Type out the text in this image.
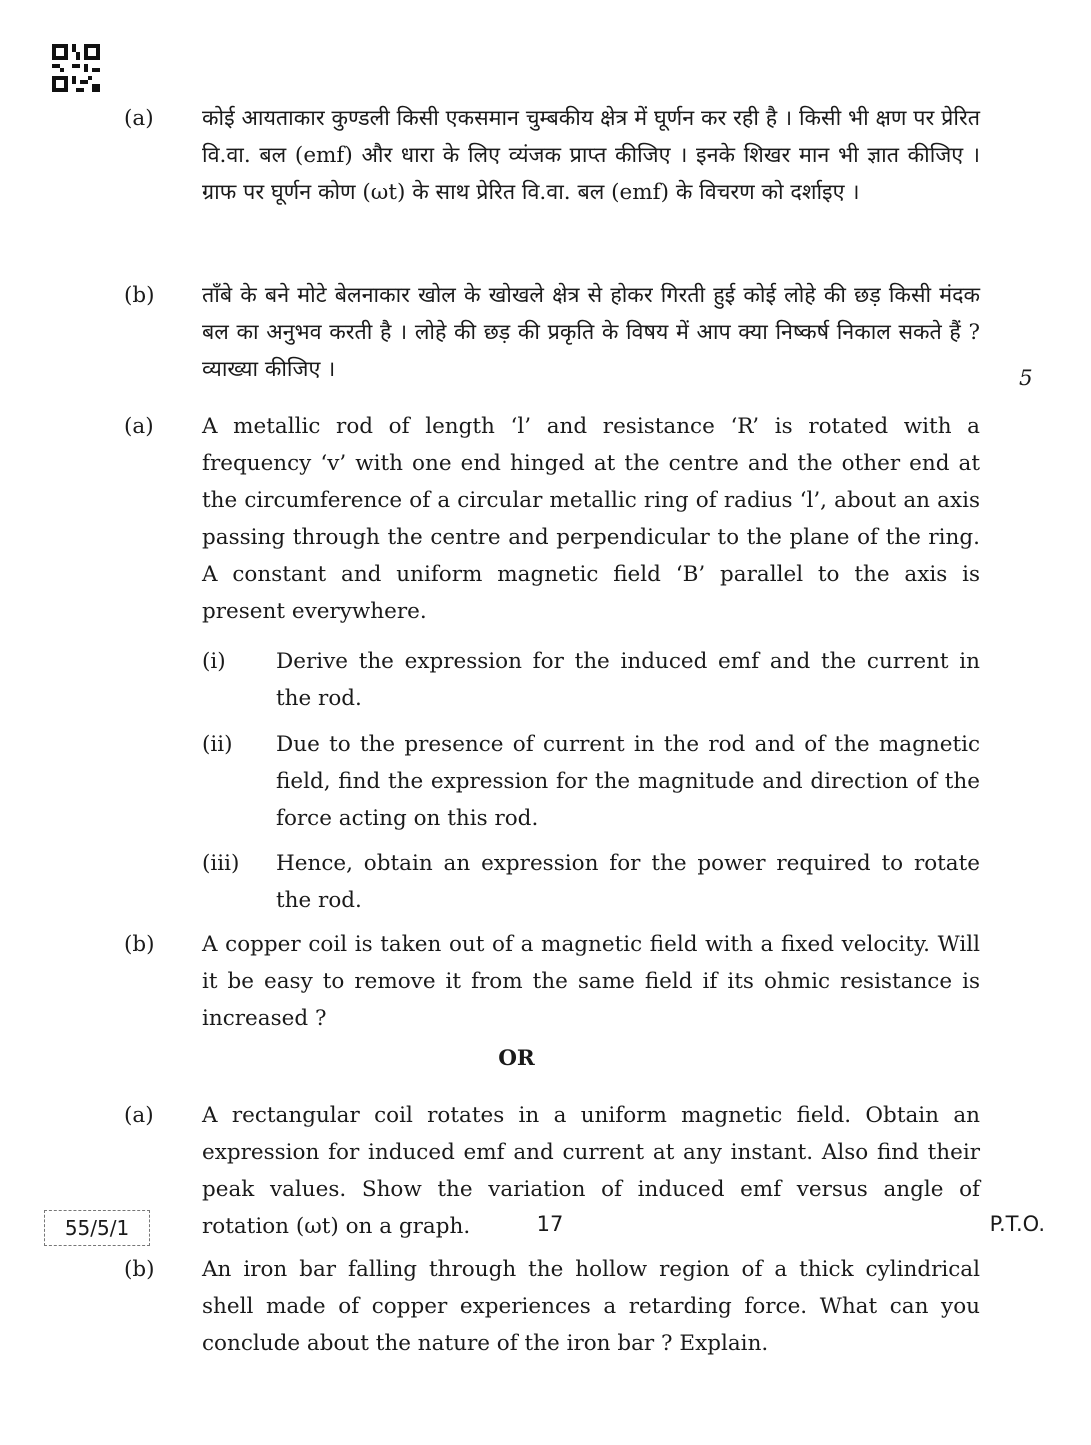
(a)	कोई आयताकार कुण्डली किसी एकसमान चुम्बकीय क्षेत्र में घूर्णन कर रही है । किसी भी क्षण पर प्रेरित वि.वा. बल (emf) और धारा के लिए व्यंजक प्राप्त कीजिए । इनके शिखर मान भी ज्ञात कीजिए । ग्राफ पर घूर्णन कोण (ωt) के साथ प्रेरित वि.वा. बल (emf) के विचरण को दर्शाइए ।
(b)	ताँबे के बने मोटे बेलनाकार खोल के खोखले क्षेत्र से होकर गिरती हुई कोई लोहे की छड़ किसी मंदक बल का अनुभव करती है । लोहे की छड़ की प्रकृति के विषय में आप क्या निष्कर्ष निकाल सकते हैं ? व्याख्या कीजिए ।	5
(a)	A metallic rod of length ‘l’ and resistance ‘R’ is rotated with a frequency ‘v’ with one end hinged at the centre and the other end at the circumference of a circular metallic ring of radius ‘l’, about an axis passing through the centre and perpendicular to the plane of the ring. A constant and uniform magnetic field ‘B’ parallel to the axis is present everywhere.
(i)	Derive the expression for the induced emf and the current in the rod.
(ii)	Due to the presence of current in the rod and of the magnetic field, find the expression for the magnitude and direction of the force acting on this rod.
(iii)	Hence, obtain an expression for the power required to rotate the rod.
(b)	A copper coil is taken out of a magnetic field with a fixed velocity. Will it be easy to remove it from the same field if its ohmic resistance is increased ?
OR
(a)	A rectangular coil rotates in a uniform magnetic field. Obtain an expression for induced emf and current at any instant. Also find their peak values. Show the variation of induced emf versus angle of rotation (ωt) on a graph.
(b)	An iron bar falling through the hollow region of a thick cylindrical shell made of copper experiences a retarding force. What can you conclude about the nature of the iron bar ? Explain.
55/5/1	17	P.T.O.
